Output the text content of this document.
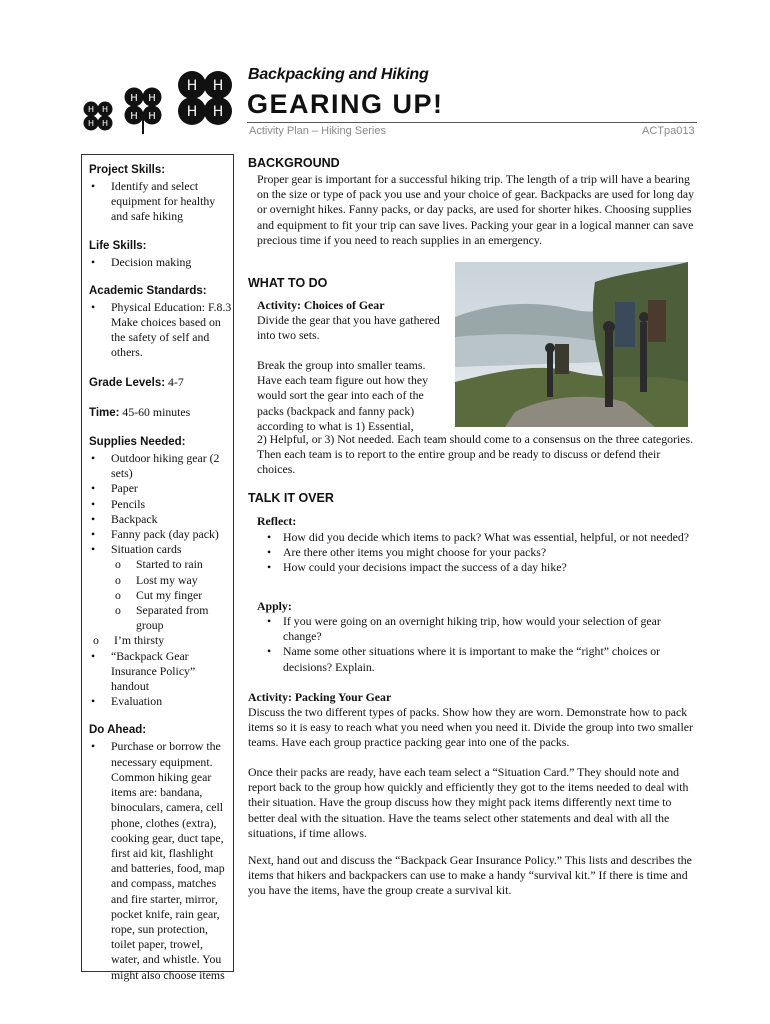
H H
H H
H H
H H
H H
H H
Backpacking and Hiking
GEARING UP!
Activity Plan – Hiking Series	ACTpa013
Project Skills:
• Identify and select equipment for healthy and safe hiking
Life Skills:
• Decision making
Academic Standards:
• Physical Education: F.8.3 Make choices based on the safety of self and others.
Grade Levels: 4-7
Time: 45-60 minutes
Supplies Needed:
• Outdoor hiking gear (2 sets)
• Paper
• Pencils
• Backpack
• Fanny pack (day pack)
• Situation cards
o Started to rain
o Lost my way
o Cut my finger
o Separated from group
o I’m thirsty
• “Backpack Gear Insurance Policy” handout
• Evaluation
Do Ahead:
• Purchase or borrow the necessary equipment. Common hiking gear items are: bandana, binoculars, camera, cell phone, clothes (extra), cooking gear, duct tape, first aid kit, flashlight and batteries, food, map and compass, matches and fire starter, mirror, pocket knife, rain gear, rope, sun protection, toilet paper, trowel, water, and whistle. You might also choose items
BACKGROUND
Proper gear is important for a successful hiking trip. The length of a trip will have a bearing on the size or type of pack you use and your choice of gear. Backpacks are used for long day or overnight hikes. Fanny packs, or day packs, are used for shorter hikes. Choosing supplies and equipment to fit your trip can save lives. Packing your gear in a logical manner can save precious time if you need to reach supplies in an emergency.
WHAT TO DO
Activity: Choices of Gear
Divide the gear that you have gathered into two sets.
Break the group into smaller teams. Have each team figure out how they would sort the gear into each of the packs (backpack and fanny pack) according to what is 1) Essential,
2) Helpful, or 3) Not needed. Each team should come to a consensus on the three categories. Then each team is to report to the entire group and be ready to discuss or defend their choices.
TALK IT OVER
Reflect:
• How did you decide which items to pack? What was essential, helpful, or not needed?
• Are there other items you might choose for your packs?
• How could your decisions impact the success of a day hike?
Apply:
• If you were going on an overnight hiking trip, how would your selection of gear change?
• Name some other situations where it is important to make the “right” choices or decisions? Explain.
Activity: Packing Your Gear
Discuss the two different types of packs. Show how they are worn. Demonstrate how to pack items so it is easy to reach what you need when you need it. Divide the group into two smaller teams. Have each group practice packing gear into one of the packs.
Once their packs are ready, have each team select a “Situation Card.” They should note and report back to the group how quickly and efficiently they got to the items needed to deal with their situation. Have the group discuss how they might pack items differently next time to better deal with the situation. Have the teams select other statements and deal with all the situations, if time allows.
Next, hand out and discuss the “Backpack Gear Insurance Policy.” This lists and describes the items that hikers and backpackers can use to make a handy “survival kit.” If there is time and you have the items, have the group create a survival kit.
